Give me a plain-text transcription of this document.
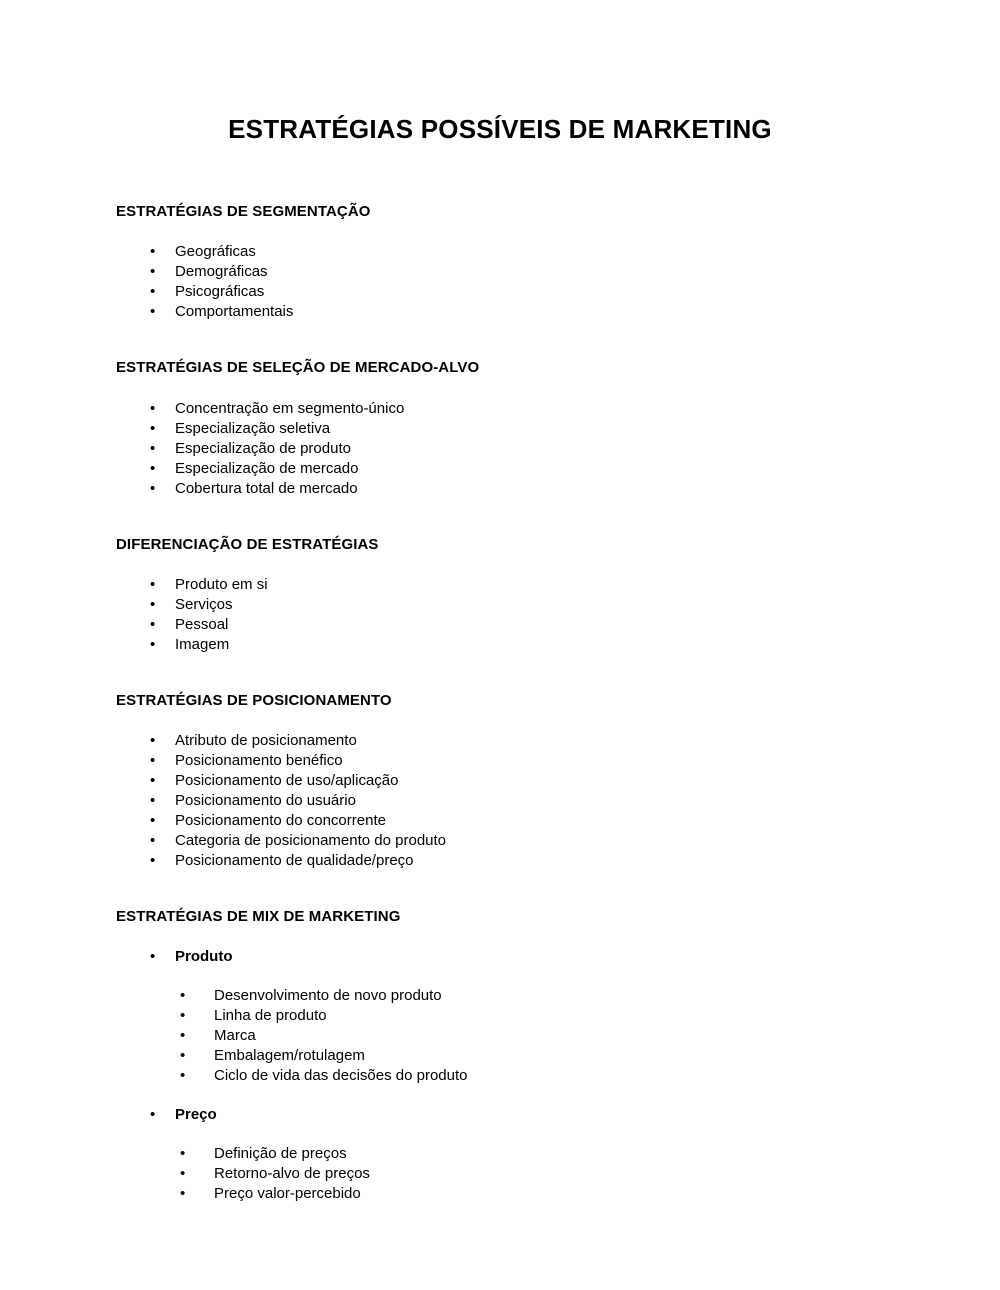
ESTRATÉGIAS POSSÍVEIS DE MARKETING
ESTRATÉGIAS DE SEGMENTAÇÃO
•	Geográficas
•	Demográficas
•	Psicográficas
•	Comportamentais
ESTRATÉGIAS DE SELEÇÃO DE MERCADO-ALVO
•	Concentração em segmento-único
•	Especialização seletiva
•	Especialização de produto
•	Especialização de mercado
•	Cobertura total de mercado
DIFERENCIAÇÃO DE ESTRATÉGIAS
•	Produto em si
•	Serviços
•	Pessoal
•	Imagem
ESTRATÉGIAS DE POSICIONAMENTO
•	Atributo de posicionamento
•	Posicionamento benéfico
•	Posicionamento de uso/aplicação
•	Posicionamento do usuário
•	Posicionamento do concorrente
•	Categoria de posicionamento do produto
•	Posicionamento de qualidade/preço
ESTRATÉGIAS DE MIX DE MARKETING
•	Produto
•	Desenvolvimento de novo produto
•	Linha de produto
•	Marca
•	Embalagem/rotulagem
•	Ciclo de vida das decisões do produto
•	Preço
•	Definição de preços
•	Retorno-alvo de preços
•	Preço valor-percebido
